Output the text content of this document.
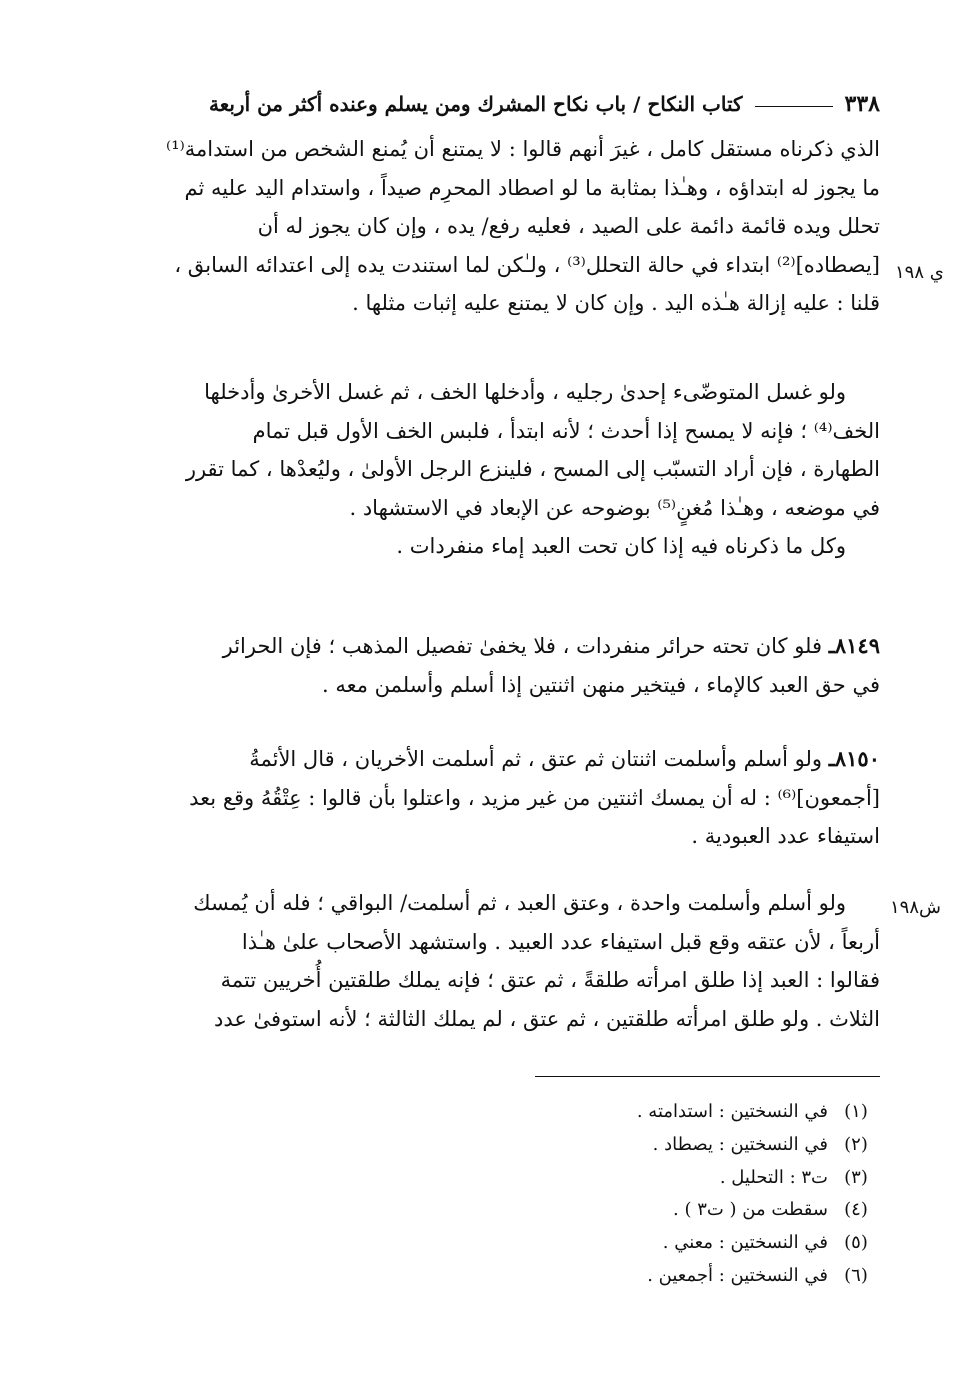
٣٣٨
كتاب النكاح / باب نكاح المشرك ومن يسلم وعنده أكثر من أربعة
ي ١٩٨
ش١٩٨
الذي ذكرناه مستقل كامل ، غيرَ أنهم قالوا : لا يمتنع أن يُمنع الشخص من استدامة⁽¹⁾
ما يجوز له ابتداؤه ، وهـٰذا بمثابة ما لو اصطاد المحرِم صيداً ، واستدام اليد عليه ثم
تحلل ويده قائمة دائمة على الصيد ، فعليه رفع/ يده ، وإن كان يجوز له أن
[يصطاده]⁽²⁾ ابتداء في حالة التحلل⁽³⁾ ، ولـٰكن لما استندت يده إلى اعتدائه السابق ،
قلنا : عليه إزالة هـٰذه اليد . وإن كان لا يمتنع عليه إثبات مثلها .
ولو غسل المتوضّىء إحدىٰ رجليه ، وأدخلها الخف ، ثم غسل الأخرىٰ وأدخلها
الخف⁽⁴⁾ ؛ فإنه لا يمسح إذا أحدث ؛ لأنه ابتدأ ، فلبس الخف الأول قبل تمام
الطهارة ، فإن أراد التسبّب إلى المسح ، فلينزع الرجل الأولىٰ ، وليُعدْها ، كما تقرر
في موضعه ، وهـٰذا مُغنٍ⁽⁵⁾ بوضوحه عن الإبعاد في الاستشهاد .
وكل ما ذكرناه فيه إذا كان تحت العبد إماء منفردات .
٨١٤٩ـ فلو كان تحته حرائر منفردات ، فلا يخفىٰ تفصيل المذهب ؛ فإن الحرائر
في حق العبد كالإماء ، فيتخير منهن اثنتين إذا أسلم وأسلمن معه .
٨١٥٠ـ ولو أسلم وأسلمت اثنتان ثم عتق ، ثم أسلمت الأخريان ، قال الأئمةُ
[أجمعون]⁽⁶⁾ : له أن يمسك اثنتين من غير مزيد ، واعتلوا بأن قالوا : عِتْقُهُ وقع بعد
استيفاء عدد العبودية .
ولو أسلم وأسلمت واحدة ، وعتق العبد ، ثم أسلمت/ البواقي ؛ فله أن يُمسك
أربعاً ، لأن عتقه وقع قبل استيفاء عدد العبيد . واستشهد الأصحاب علىٰ هـٰذا
فقالوا : العبد إذا طلق امرأته طلقةً ، ثم عتق ؛ فإنه يملك طلقتين أُخريين تتمة
الثلاث . ولو طلق امرأته طلقتين ، ثم عتق ، لم يملك الثالثة ؛ لأنه استوفىٰ عدد
(١)
في النسختين : استدامته .
(٢)
في النسختين : يصطاد .
(٣)
ت٣ : التحليل .
(٤)
سقطت من ( ت٣ ) .
(٥)
في النسختين : معني .
(٦)
في النسختين : أجمعين .
